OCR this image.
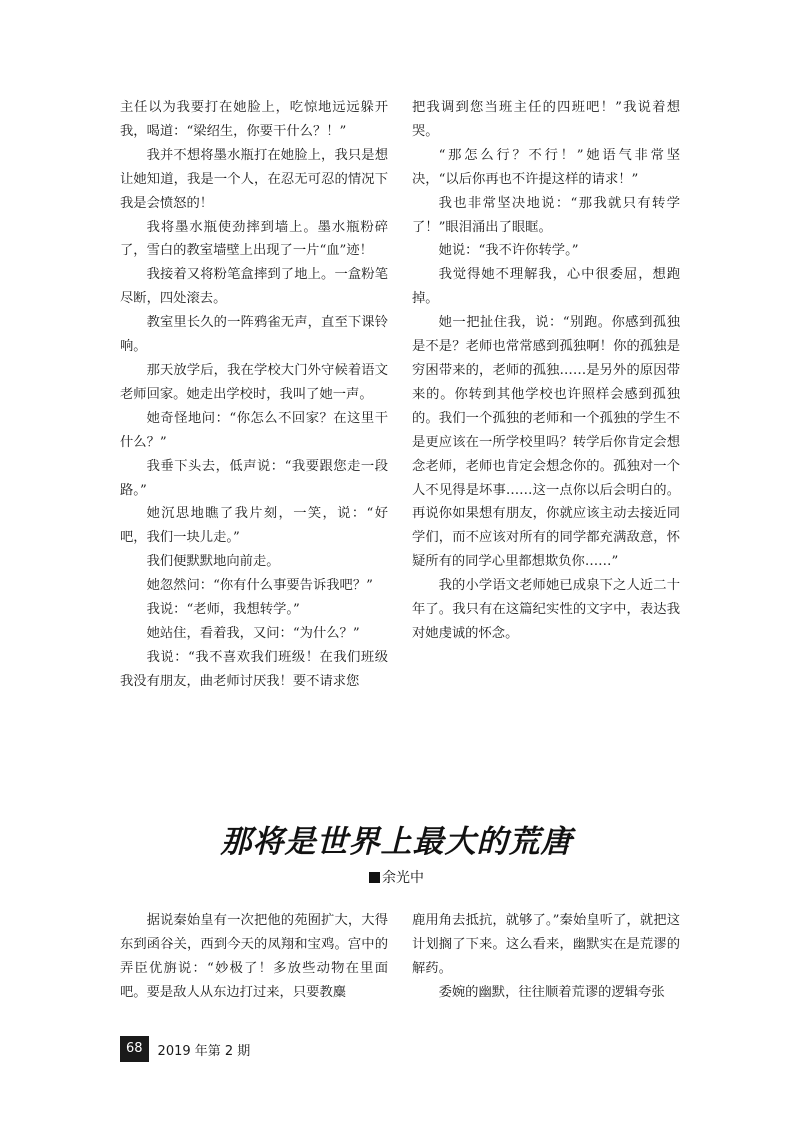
主任以为我要打在她脸上，吃惊地远远躲开我，喝道：“梁绍生，你要干什么？！”

我并不想将墨水瓶打在她脸上，我只是想让她知道，我是一个人，在忍无可忍的情况下我是会愤怒的！

我将墨水瓶使劲摔到墙上。墨水瓶粉碎了，雪白的教室墙壁上出现了一片“血”迹！

我接着又将粉笔盒摔到了地上。一盒粉笔尽断，四处滚去。

教室里长久的一阵鸦雀无声，直至下课铃响。

那天放学后，我在学校大门外守候着语文老师回家。她走出学校时，我叫了她一声。

她奇怪地问：“你怎么不回家？在这里干什么？”

我垂下头去，低声说：“我要跟您走一段路。”

她沉思地瞧了我片刻，一笑，说：“好吧，我们一块儿走。”

我们便默默地向前走。

她忽然问：“你有什么事要告诉我吧？”

我说：“老师，我想转学。”

她站住，看着我，又问：“为什么？”

我说：“我不喜欢我们班级！在我们班级我没有朋友，曲老师讨厌我！要不请求您

把我调到您当班主任的四班吧！”我说着想哭。

“那怎么行？不行！”她语气非常坚决，“以后你再也不许提这样的请求！”

我也非常坚决地说：“那我就只有转学了！”眼泪涌出了眼眶。

她说：“我不许你转学。”

我觉得她不理解我，心中很委屈，想跑掉。

她一把扯住我，说：“别跑。你感到孤独是不是？老师也常常感到孤独啊！你的孤独是穷困带来的，老师的孤独……是另外的原因带来的。你转到其他学校也许照样会感到孤独的。我们一个孤独的老师和一个孤独的学生不是更应该在一所学校里吗？转学后你肯定会想念老师，老师也肯定会想念你的。孤独对一个人不见得是坏事……这一点你以后会明白的。再说你如果想有朋友，你就应该主动去接近同学们，而不应该对所有的同学都充满敌意，怀疑所有的同学心里都想欺负你……”

我的小学语文老师她已成泉下之人近二十年了。我只有在这篇纪实性的文字中，表达我对她虔诚的怀念。

那将是世界上最大的荒唐
余光中

据说秦始皇有一次把他的苑囿扩大，大得东到函谷关，西到今天的凤翔和宝鸡。宫中的弄臣优旃说：“妙极了！多放些动物在里面吧。要是敌人从东边打过来，只要教麋

鹿用角去抵抗，就够了。”秦始皇听了，就把这计划搁了下来。这么看来，幽默实在是荒谬的解药。

委婉的幽默，往往顺着荒谬的逻辑夸张

68	2019 年第 2 期
